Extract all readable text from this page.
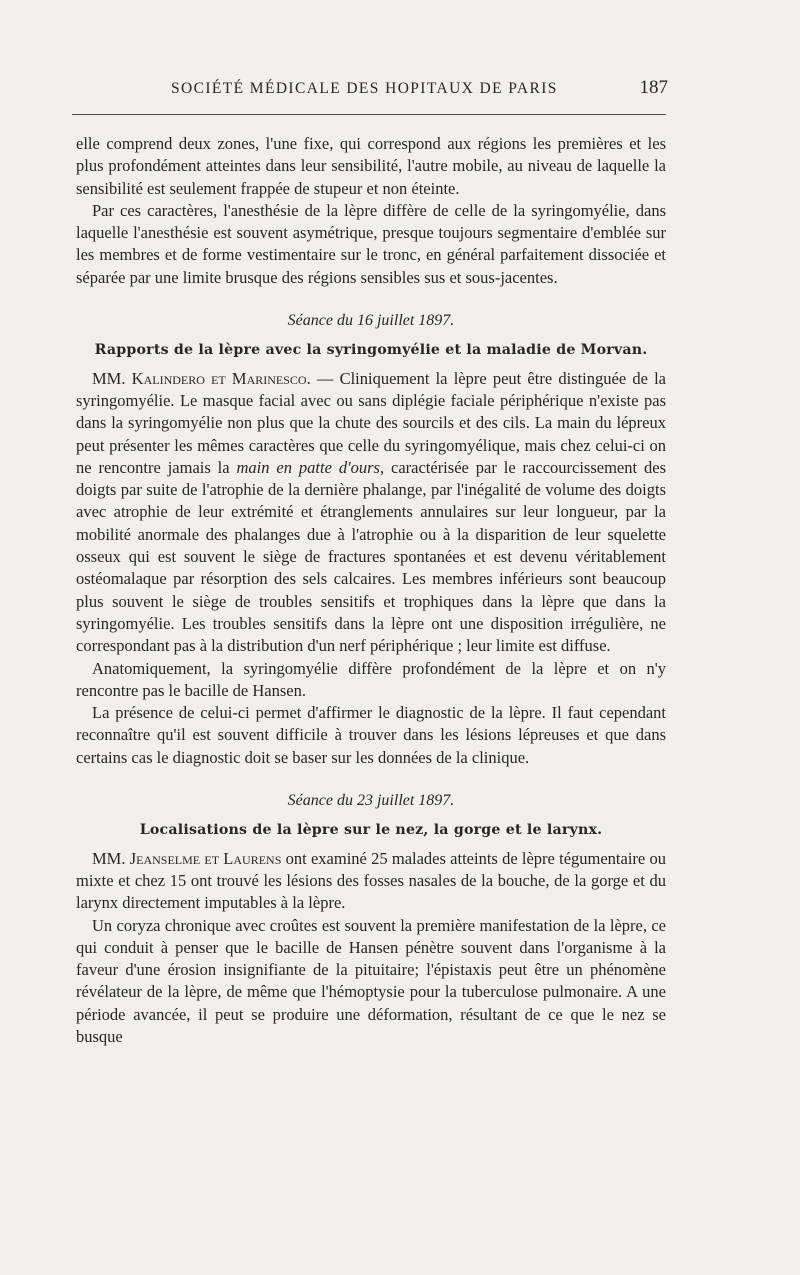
SOCIÉTÉ MÉDICALE DES HOPITAUX DE PARIS	187

elle comprend deux zones, l'une fixe, qui correspond aux régions les premières et les plus profondément atteintes dans leur sensibilité, l'autre mobile, au niveau de laquelle la sensibilité est seulement frappée de stupeur et non éteinte.

Par ces caractères, l'anesthésie de la lèpre diffère de celle de la syringomyélie, dans laquelle l'anesthésie est souvent asymétrique, presque toujours segmentaire d'emblée sur les membres et de forme vestimentaire sur le tronc, en général parfaitement dissociée et séparée par une limite brusque des régions sensibles sus et sous-jacentes.

Séance du 16 juillet 1897.
Rapports de la lèpre avec la syringomyélie et la maladie de Morvan.

MM. Kalindero et Marinesco. — Cliniquement la lèpre peut être distinguée de la syringomyélie. Le masque facial avec ou sans diplégie faciale périphérique n'existe pas dans la syringomyélie non plus que la chute des sourcils et des cils. La main du lépreux peut présenter les mêmes caractères que celle du syringomyélique, mais chez celui-ci on ne rencontre jamais la main en patte d'ours, caractérisée par le raccourcissement des doigts par suite de l'atrophie de la dernière phalange, par l'inégalité de volume des doigts avec atrophie de leur extrémité et étranglements annulaires sur leur longueur, par la mobilité anormale des phalanges due à l'atrophie ou à la disparition de leur squelette osseux qui est souvent le siège de fractures spontanées et est devenu véritablement ostéomalaque par résorption des sels calcaires. Les membres inférieurs sont beaucoup plus souvent le siège de troubles sensitifs et trophiques dans la lèpre que dans la syringomyélie. Les troubles sensitifs dans la lèpre ont une disposition irrégulière, ne correspondant pas à la distribution d'un nerf périphérique ; leur limite est diffuse.

Anatomiquement, la syringomyélie diffère profondément de la lèpre et on n'y rencontre pas le bacille de Hansen.

La présence de celui-ci permet d'affirmer le diagnostic de la lèpre. Il faut cependant reconnaître qu'il est souvent difficile à trouver dans les lésions lépreuses et que dans certains cas le diagnostic doit se baser sur les données de la clinique.

Séance du 23 juillet 1897.
Localisations de la lèpre sur le nez, la gorge et le larynx.

MM. Jeanselme et Laurens ont examiné 25 malades atteints de lèpre tégumentaire ou mixte et chez 15 ont trouvé les lésions des fosses nasales de la bouche, de la gorge et du larynx directement imputables à la lèpre.

Un coryza chronique avec croûtes est souvent la première manifestation de la lèpre, ce qui conduit à penser que le bacille de Hansen pénètre souvent dans l'organisme à la faveur d'une érosion insignifiante de la pituitaire; l'épistaxis peut être un phénomène révélateur de la lèpre, de même que l'hémoptysie pour la tuberculose pulmonaire. A une période avancée, il peut se produire une déformation, résultant de ce que le nez se busque
